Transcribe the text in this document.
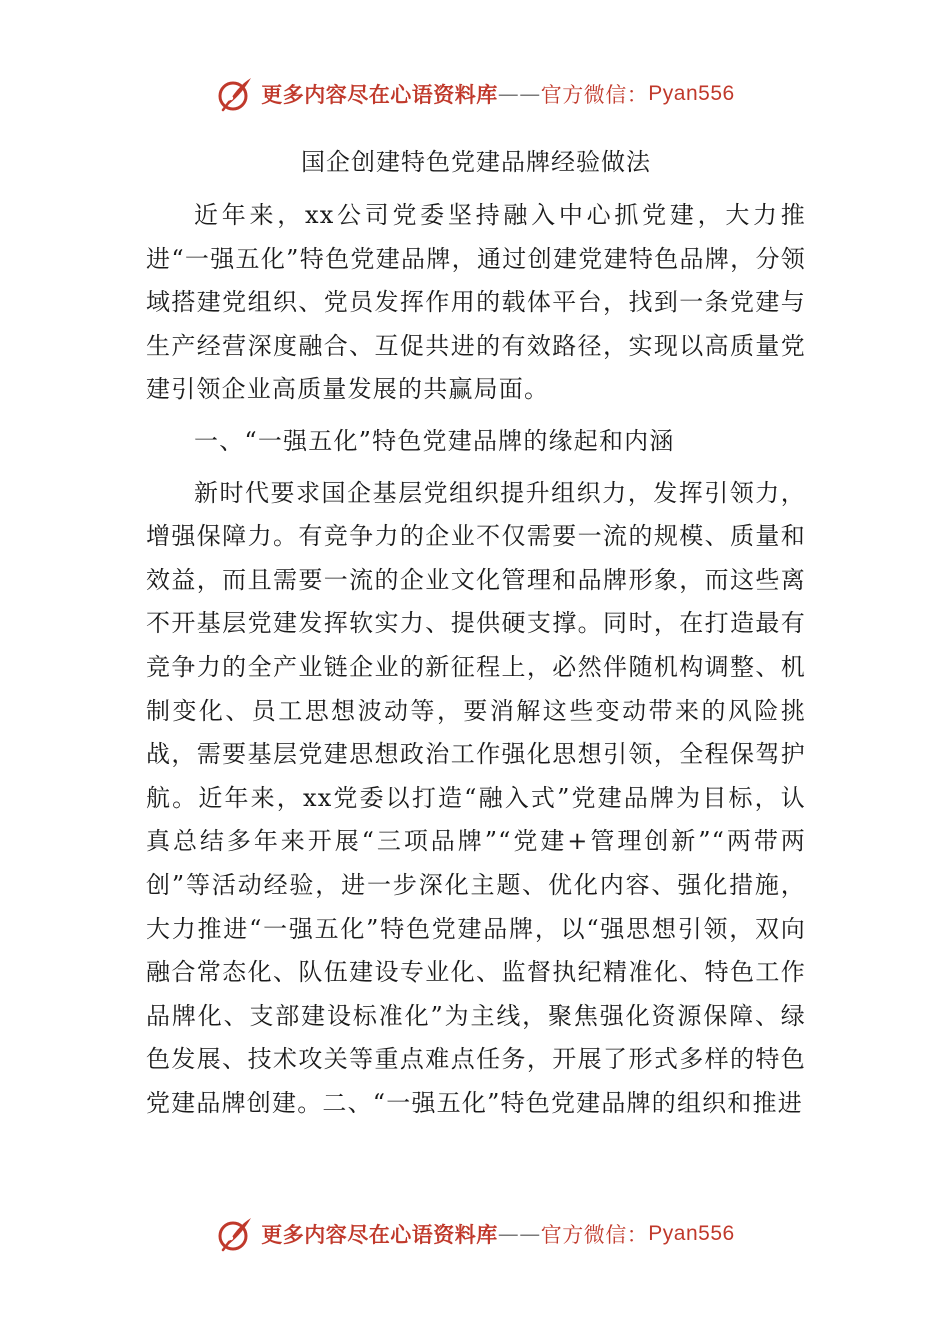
更多内容尽在心语资料库 —— 官方微信： Pyan556
国企创建特色党建品牌经验做法

近年来，xx公司党委坚持融入中心抓党建，大力推进“一强五化”特色党建品牌，通过创建党建特色品牌，分领域搭建党组织、党员发挥作用的载体平台，找到一条党建与生产经营深度融合、互促共进的有效路径，实现以高质量党建引领企业高质量发展的共赢局面。

一、“一强五化”特色党建品牌的缘起和内涵

新时代要求国企基层党组织提升组织力，发挥引领力，增强保障力。有竞争力的企业不仅需要一流的规模、质量和效益，而且需要一流的企业文化管理和品牌形象，而这些离不开基层党建发挥软实力、提供硬支撑。同时，在打造最有竞争力的全产业链企业的新征程上，必然伴随机构调整、机制变化、员工思想波动等，要消解这些变动带来的风险挑战，需要基层党建思想政治工作强化思想引领，全程保驾护航。近年来，xx党委以打造“融入式”党建品牌为目标，认真总结多年来开展“三项品牌”“党建+管理创新”“两带两创”等活动经验，进一步深化主题、优化内容、强化措施，大力推进“一强五化”特色党建品牌，以“强思想引领，双向融合常态化、队伍建设专业化、监督执纪精准化、特色工作品牌化、支部建设标准化”为主线，聚焦强化资源保障、绿色发展、技术攻关等重点难点任务，开展了形式多样的特色党建品牌创建。二、“一强五化”特色党建品牌的组织和推进

更多内容尽在心语资料库 —— 官方微信： Pyan556
